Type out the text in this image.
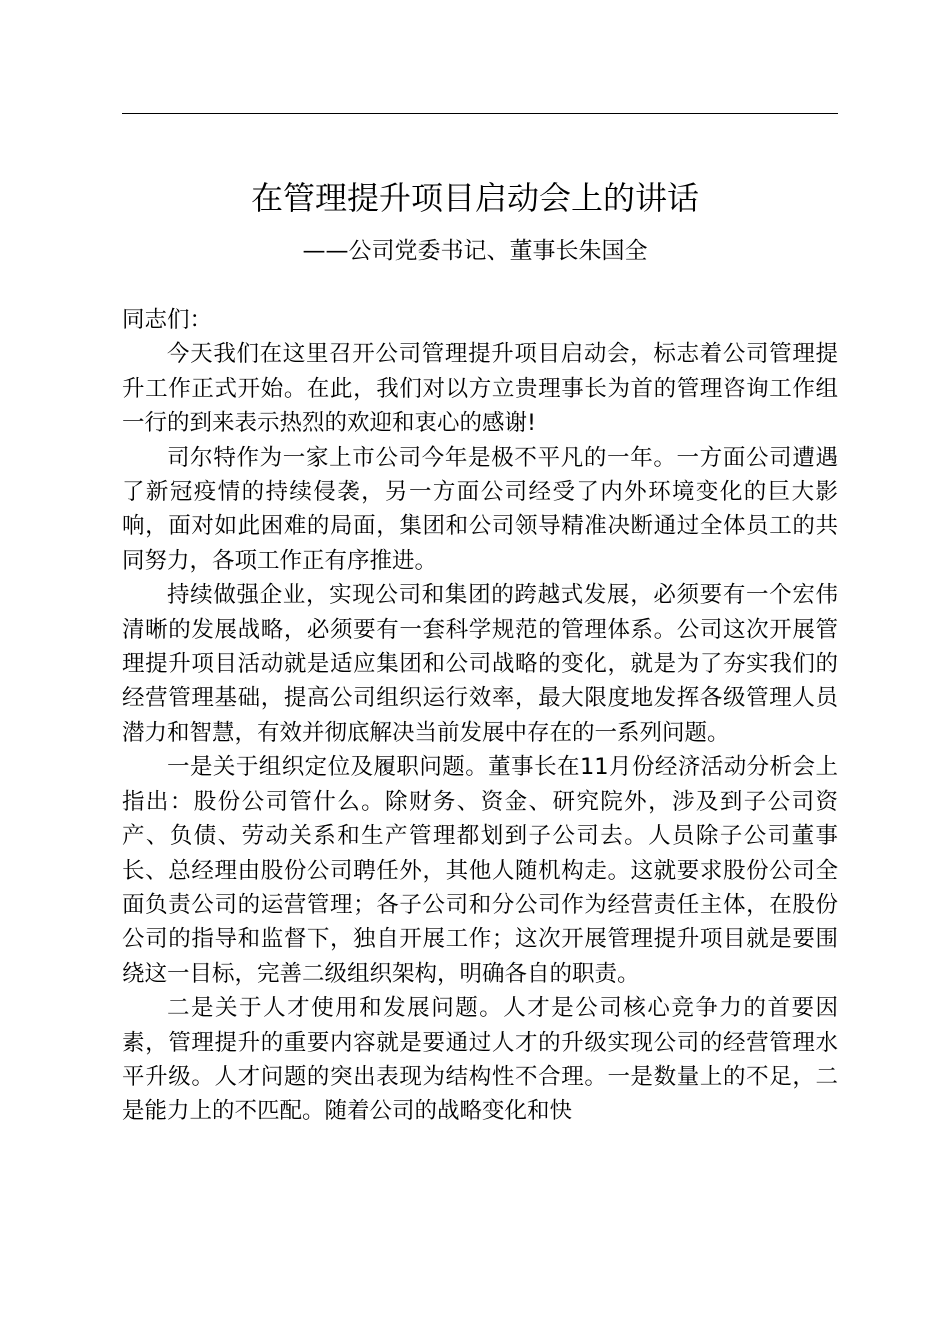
在管理提升项目启动会上的讲话
——公司党委书记、董事长朱国全

同志们：

今天我们在这里召开公司管理提升项目启动会，标志着公司管理提升工作正式开始。在此，我们对以方立贵理事长为首的管理咨询工作组一行的到来表示热烈的欢迎和衷心的感谢!

司尔特作为一家上市公司今年是极不平凡的一年。一方面公司遭遇了新冠疫情的持续侵袭，另一方面公司经受了内外环境变化的巨大影响，面对如此困难的局面，集团和公司领导精准决断通过全体员工的共同努力，各项工作正有序推进。

持续做强企业，实现公司和集团的跨越式发展，必须要有一个宏伟清晰的发展战略，必须要有一套科学规范的管理体系。公司这次开展管理提升项目活动就是适应集团和公司战略的变化，就是为了夯实我们的经营管理基础，提高公司组织运行效率，最大限度地发挥各级管理人员潜力和智慧，有效并彻底解决当前发展中存在的一系列问题。

一是关于组织定位及履职问题。董事长在11月份经济活动分析会上指出：股份公司管什么。除财务、资金、研究院外，涉及到子公司资产、负债、劳动关系和生产管理都划到子公司去。人员除子公司董事长、总经理由股份公司聘任外，其他人随机构走。这就要求股份公司全面负责公司的运营管理；各子公司和分公司作为经营责任主体，在股份公司的指导和监督下，独自开展工作；这次开展管理提升项目就是要围绕这一目标，完善二级组织架构，明确各自的职责。

二是关于人才使用和发展问题。人才是公司核心竞争力的首要因素，管理提升的重要内容就是要通过人才的升级实现公司的经营管理水平升级。人才问题的突出表现为结构性不合理。一是数量上的不足，二是能力上的不匹配。随着公司的战略变化和快
